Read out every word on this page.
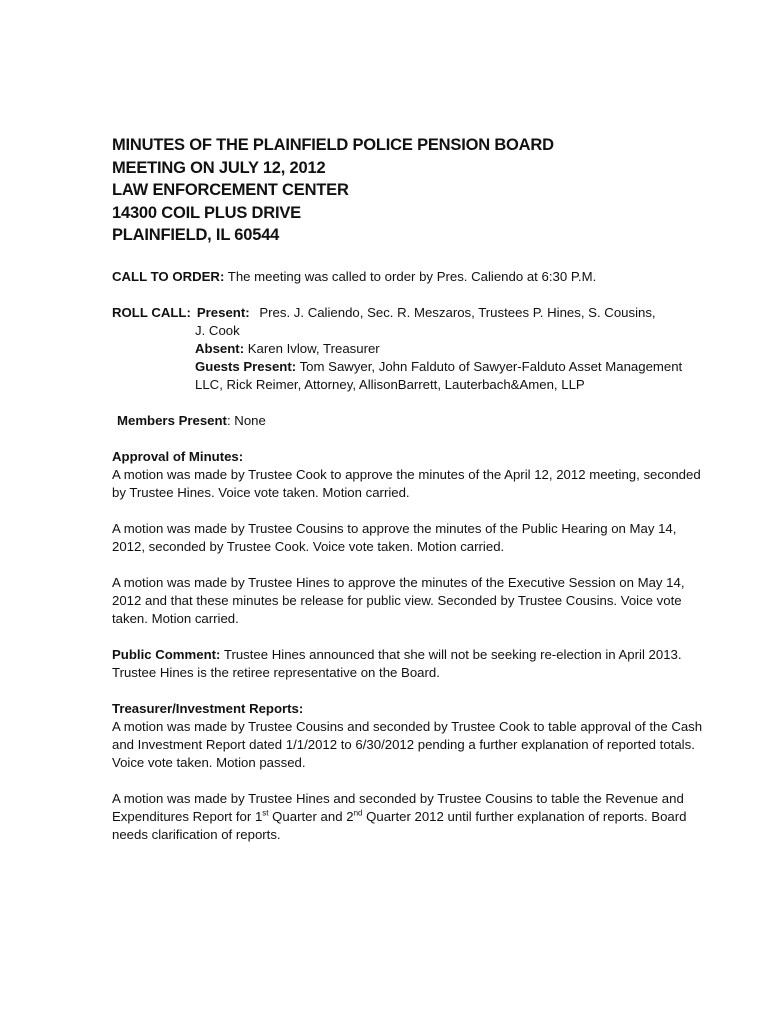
MINUTES OF THE PLAINFIELD POLICE PENSION BOARD
MEETING ON JULY 12, 2012
LAW ENFORCEMENT CENTER
14300 COIL PLUS DRIVE
PLAINFIELD, IL 60544

CALL TO ORDER: The meeting was called to order by Pres. Caliendo at 6:30 P.M.

ROLL CALL: Present: Pres. J. Caliendo, Sec. R. Meszaros, Trustees P. Hines, S. Cousins,

J. Cook

Absent: Karen Ivlow, Treasurer

Guests Present: Tom Sawyer, John Falduto of Sawyer-Falduto Asset Management LLC, Rick Reimer, Attorney, AllisonBarrett, Lauterbach&Amen, LLP

Members Present: None

Approval of Minutes:

A motion was made by Trustee Cook to approve the minutes of the April 12, 2012 meeting, seconded by Trustee Hines. Voice vote taken. Motion carried.

A motion was made by Trustee Cousins to approve the minutes of the Public Hearing on May 14, 2012, seconded by Trustee Cook. Voice vote taken. Motion carried.

A motion was made by Trustee Hines to approve the minutes of the Executive Session on May 14, 2012 and that these minutes be release for public view. Seconded by Trustee Cousins. Voice vote taken. Motion carried.

Public Comment: Trustee Hines announced that she will not be seeking re-election in April 2013. Trustee Hines is the retiree representative on the Board.

Treasurer/Investment Reports:

A motion was made by Trustee Cousins and seconded by Trustee Cook to table approval of the Cash and Investment Report dated 1/1/2012 to 6/30/2012 pending a further explanation of reported totals. Voice vote taken. Motion passed.

A motion was made by Trustee Hines and seconded by Trustee Cousins to table the Revenue and Expenditures Report for 1st Quarter and 2nd Quarter 2012 until further explanation of reports. Board needs clarification of reports.
